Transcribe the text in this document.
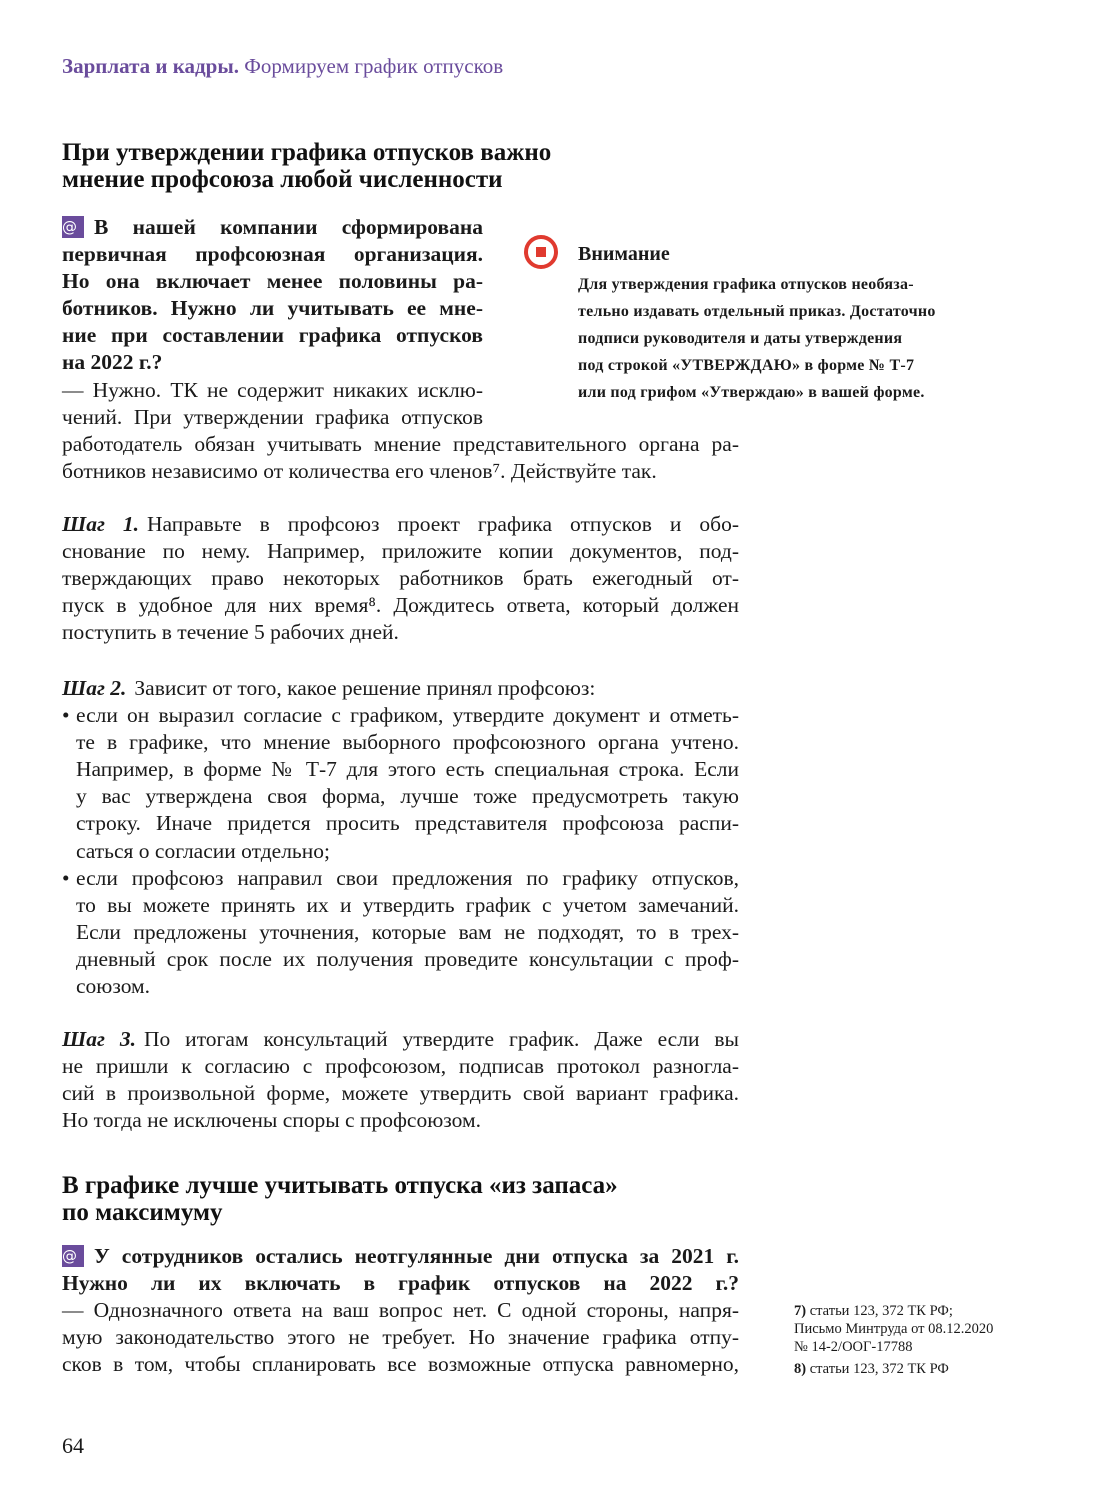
Зарплата и кадры. Формируем график отпусков
При утверждении графика отпусков важно
мнение профсоюза любой численности
@ В нашей компании сформирована
первичная профсоюзная организация.
Но она включает менее половины ра-
ботников. Нужно ли учитывать ее мне-
ние при составлении графика отпусков
на 2022 г.?
— Нужно. ТК не содержит никаких исклю-
чений. При утверждении графика отпусков
работодатель обязан учитывать мнение представительного органа ра-
ботников независимо от количества его членов⁷. Действуйте так.
Внимание
Для утверждения графика отпусков необяза-
тельно издавать отдельный приказ. Достаточно
подписи руководителя и даты утверждения
под строкой «УТВЕРЖДАЮ» в форме № Т-7
или под грифом «Утверждаю» в вашей форме.
Шаг 1. Направьте в профсоюз проект графика отпусков и обо-
снование по нему. Например, приложите копии документов, под-
тверждающих право некоторых работников брать ежегодный от-
пуск в удобное для них время⁸. Дождитесь ответа, который должен
поступить в течение 5 рабочих дней.
Шаг 2. Зависит от того, какое решение принял профсоюз:
• если он выразил согласие с графиком, утвердите документ и отметь-
те в графике, что мнение выборного профсоюзного органа учтено.
Например, в форме № Т-7 для этого есть специальная строка. Если
у вас утверждена своя форма, лучше тоже предусмотреть такую
строку. Иначе придется просить представителя профсоюза распи-
саться о согласии отдельно;
• если профсоюз направил свои предложения по графику отпусков,
то вы можете принять их и утвердить график с учетом замечаний.
Если предложены уточнения, которые вам не подходят, то в трех-
дневный срок после их получения проведите консультации с проф-
союзом.
Шаг 3. По итогам консультаций утвердите график. Даже если вы
не пришли к согласию с профсоюзом, подписав протокол разногла-
сий в произвольной форме, можете утвердить свой вариант графика.
Но тогда не исключены споры с профсоюзом.
В графике лучше учитывать отпуска «из запаса»
по максимуму
@ У сотрудников остались неотгулянные дни отпуска за 2021 г.
Нужно ли их включать в график отпусков на 2022 г.?
— Однозначного ответа на ваш вопрос нет. С одной стороны, напря-
мую законодательство этого не требует. Но значение графика отпу-
сков в том, чтобы спланировать все возможные отпуска равномерно,
7) статьи 123, 372 ТК РФ;
Письмо Минтруда от 08.12.2020
№ 14-2/ООГ-17788
8) статьи 123, 372 ТК РФ
64
